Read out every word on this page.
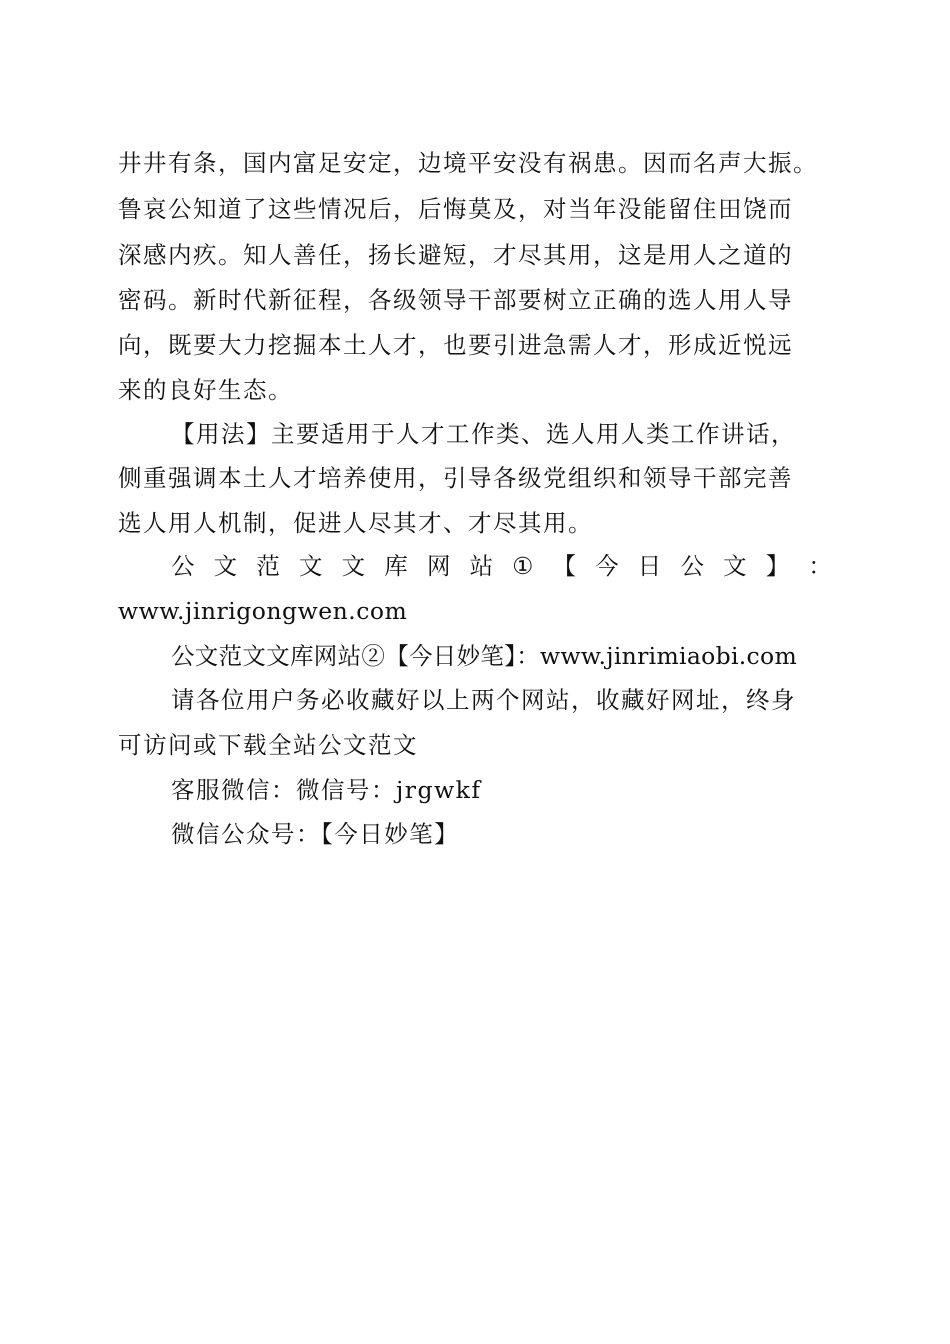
井井有条，国内富足安定，边境平安没有祸患。因而名声大振。
鲁哀公知道了这些情况后，后悔莫及，对当年没能留住田饶而
深感内疚。知人善任，扬长避短，才尽其用，这是用人之道的
密码。新时代新征程，各级领导干部要树立正确的选人用人导
向，既要大力挖掘本土人才，也要引进急需人才，形成近悦远
来的良好生态。
【用法】主要适用于人才工作类、选人用人类工作讲话，
侧重强调本土人才培养使用，引导各级党组织和领导干部完善
选人用人机制，促进人尽其才、才尽其用。
公 文 范 文 文 库 网 站 ① 【 今 日 公 文 】 ：
www.jinrigongwen.com
公文范文文库网站②【今日妙笔】：www.jinrimiaobi.com
请各位用户务必收藏好以上两个网站，收藏好网址，终身
可访问或下载全站公文范文
客服微信：微信号：jrgwkf
微信公众号：【今日妙笔】
